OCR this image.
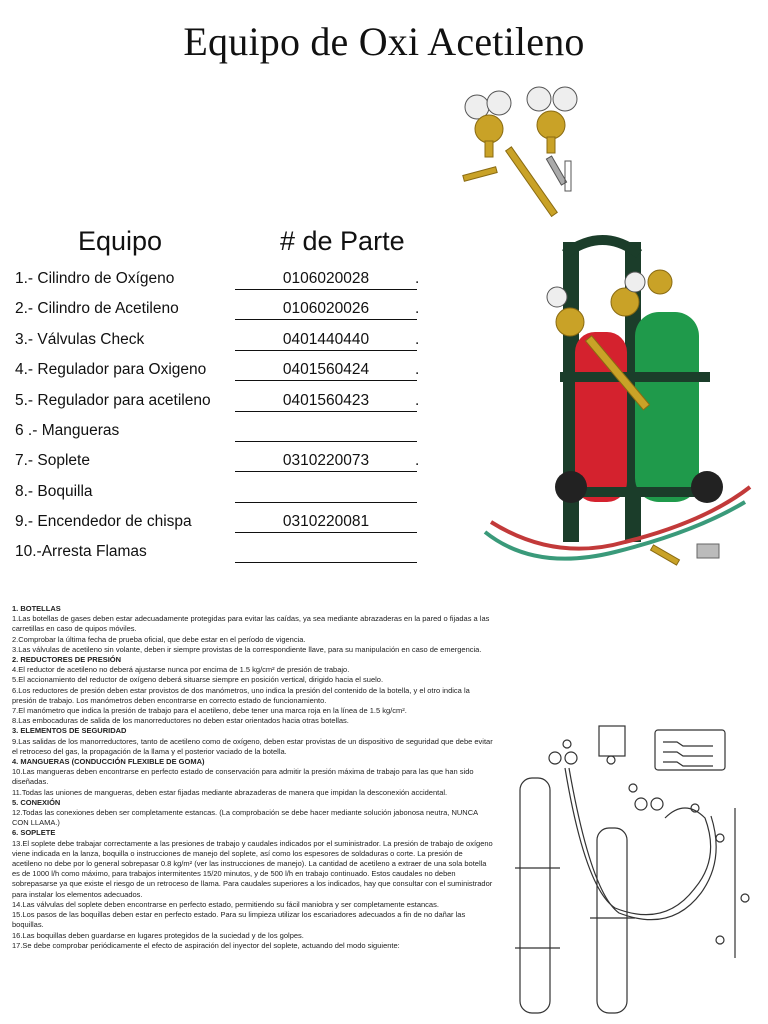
Equipo de Oxi Acetileno
Equipo	# de Parte
1.- Cilindro de Oxígeno	0106020028	.
2.- Cilindro de Acetileno	0106020026	.
3.- Válvulas Check	0401440440	.
4.- Regulador para Oxigeno	0401560424	.
5.- Regulador para acetileno	0401560423	.
6 .- Mangueras
7.- Soplete	0310220073	.
8.- Boquilla
9.- Encendedor de chispa	0310220081
10.-Arresta Flamas
1. BOTELLAS
1.Las botellas de gases deben estar adecuadamente protegidas para evitar las caídas, ya sea mediante abrazaderas en la pared o fijadas a las carretillas en caso de quipos móviles.
2.Comprobar la última fecha de prueba oficial, que debe estar en el período de vigencia.
3.Las válvulas de acetileno sin volante, deben ir siempre provistas de la correspondiente llave, para su manipulación en caso de emergencia.
2. REDUCTORES DE PRESIÓN
4.El reductor de acetileno no deberá ajustarse nunca por encima de 1.5 kg/cm² de presión de trabajo.
5.El accionamiento del reductor de oxígeno deberá situarse siempre en posición vertical, dirigido hacia el suelo.
6.Los reductores de presión deben estar provistos de dos manómetros, uno indica la presión del contenido de la botella, y el otro indica la presión de trabajo. Los manómetros deben encontrarse en correcto estado de funcionamiento.
7.El manómetro que indica la presión de trabajo para el acetileno, debe tener una marca roja en la línea de 1.5 kg/cm².
8.Las embocaduras de salida de los manorreductores no deben estar orientados hacia otras botellas.
3. ELEMENTOS DE SEGURIDAD
9.Las salidas de los manorreductores, tanto de acetileno como de oxígeno, deben estar provistas de un dispositivo de seguridad que debe evitar el retroceso del gas, la propagación de la llama y el posterior vaciado de la botella.
4. MANGUERAS (CONDUCCIÓN FLEXIBLE DE GOMA)
10.Las mangueras deben encontrarse en perfecto estado de conservación para admitir la presión máxima de trabajo para las que han sido diseñadas.
11.Todas las uniones de mangueras, deben estar fijadas mediante abrazaderas de manera que impidan la desconexión accidental.
5. CONEXIÓN
12.Todas las conexiones deben ser completamente estancas. (La comprobación se debe hacer mediante solución jabonosa neutra, NUNCA CON LLAMA.)
6. SOPLETE
13.El soplete debe trabajar correctamente a las presiones de trabajo y caudales indicados por el suministrador. La presión de trabajo de oxígeno viene indicada en la lanza, boquilla o instrucciones de manejo del soplete, así como los espesores de soldaduras o corte. La presión de acetileno no debe por lo general sobrepasar 0.8 kg/m² (ver las instrucciones de manejo). La cantidad de acetileno a extraer de una sola botella es de 1000 l/h como máximo, para trabajos intermitentes 15/20 minutos, y de 500 l/h en trabajo continuado. Estos caudales no deben sobrepasarse ya que existe el riesgo de un retroceso de llama. Para caudales superiores a los indicados, hay que consultar con el suministrador para instalar los elementos adecuados.
14.Las válvulas del soplete deben encontrarse en perfecto estado, permitiendo su fácil maniobra y ser completamente estancas.
15.Los pasos de las boquillas deben estar en perfecto estado. Para su limpieza utilizar los escariadores adecuados a fin de no dañar las boquillas.
16.Las boquillas deben guardarse en lugares protegidos de la suciedad y de los golpes.
17.Se debe comprobar periódicamente el efecto de aspiración del inyector del soplete, actuando del modo siguiente:
